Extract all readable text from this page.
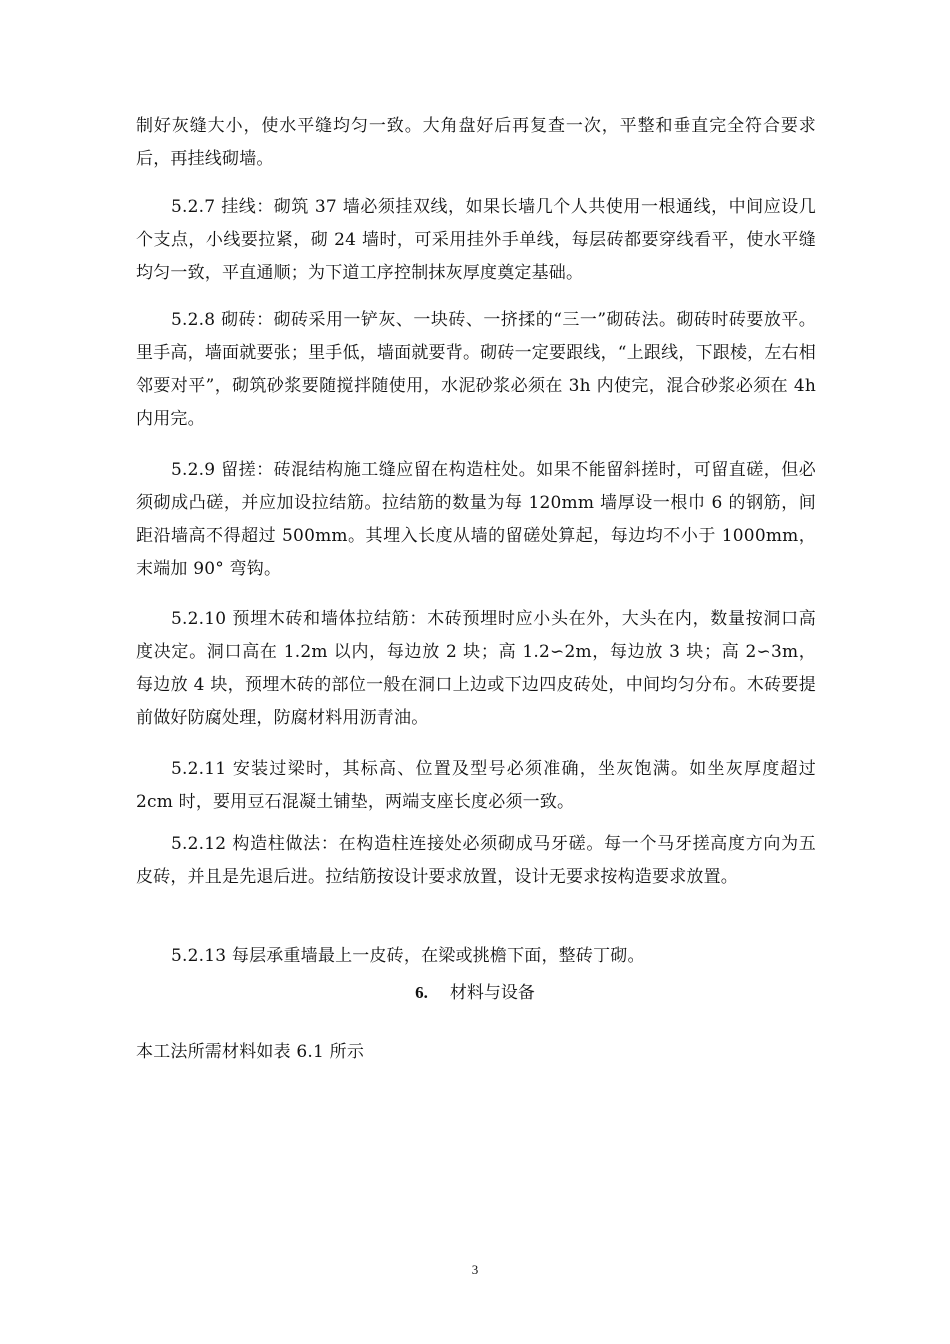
制好灰缝大小，使水平缝均匀一致。大角盘好后再复查一次，平整和垂直完全符合要求后，再挂线砌墙。

5.2.7 挂线：砌筑 37 墙必须挂双线，如果长墙几个人共使用一根通线，中间应设几个支点，小线要拉紧，砌 24 墙时，可采用挂外手单线，每层砖都要穿线看平，使水平缝均匀一致，平直通顺；为下道工序控制抹灰厚度奠定基础。

5.2.8 砌砖：砌砖采用一铲灰、一块砖、一挤揉的“三一”砌砖法。砌砖时砖要放平。里手高，墙面就要张；里手低，墙面就要背。砌砖一定要跟线，“上跟线，下跟棱，左右相邻要对平”，砌筑砂浆要随搅拌随使用，水泥砂浆必须在 3h 内使完，混合砂浆必须在 4h 内用完。

5.2.9 留搓：砖混结构施工缝应留在构造柱处。如果不能留斜搓时，可留直磋，但必须砌成凸磋，并应加设拉结筋。拉结筋的数量为每 120mm 墙厚设一根巾 6 的钢筋，间距沿墙高不得超过 500mm。其埋入长度从墙的留磋处算起，每边均不小于 1000mm，末端加 90° 弯钩。

5.2.10 预埋木砖和墙体拉结筋：木砖预埋时应小头在外，大头在内，数量按洞口高度决定。洞口高在 1.2m 以内，每边放 2 块；高 1.2∽2m，每边放 3 块；高 2∽3m，每边放 4 块，预埋木砖的部位一般在洞口上边或下边四皮砖处，中间均匀分布。木砖要提前做好防腐处理，防腐材料用沥青油。

5.2.11 安装过梁时，其标高、位置及型号必须准确，坐灰饱满。如坐灰厚度超过 2cm 时，要用豆石混凝土铺垫，两端支座长度必须一致。

5.2.12 构造柱做法：在构造柱连接处必须砌成马牙磋。每一个马牙搓高度方向为五皮砖，并且是先退后进。拉结筋按设计要求放置，设计无要求按构造要求放置。

5.2.13 每层承重墙最上一皮砖，在梁或挑檐下面，整砖丁砌。

6. 材料与设备

本工法所需材料如表 6.1 所示

3
